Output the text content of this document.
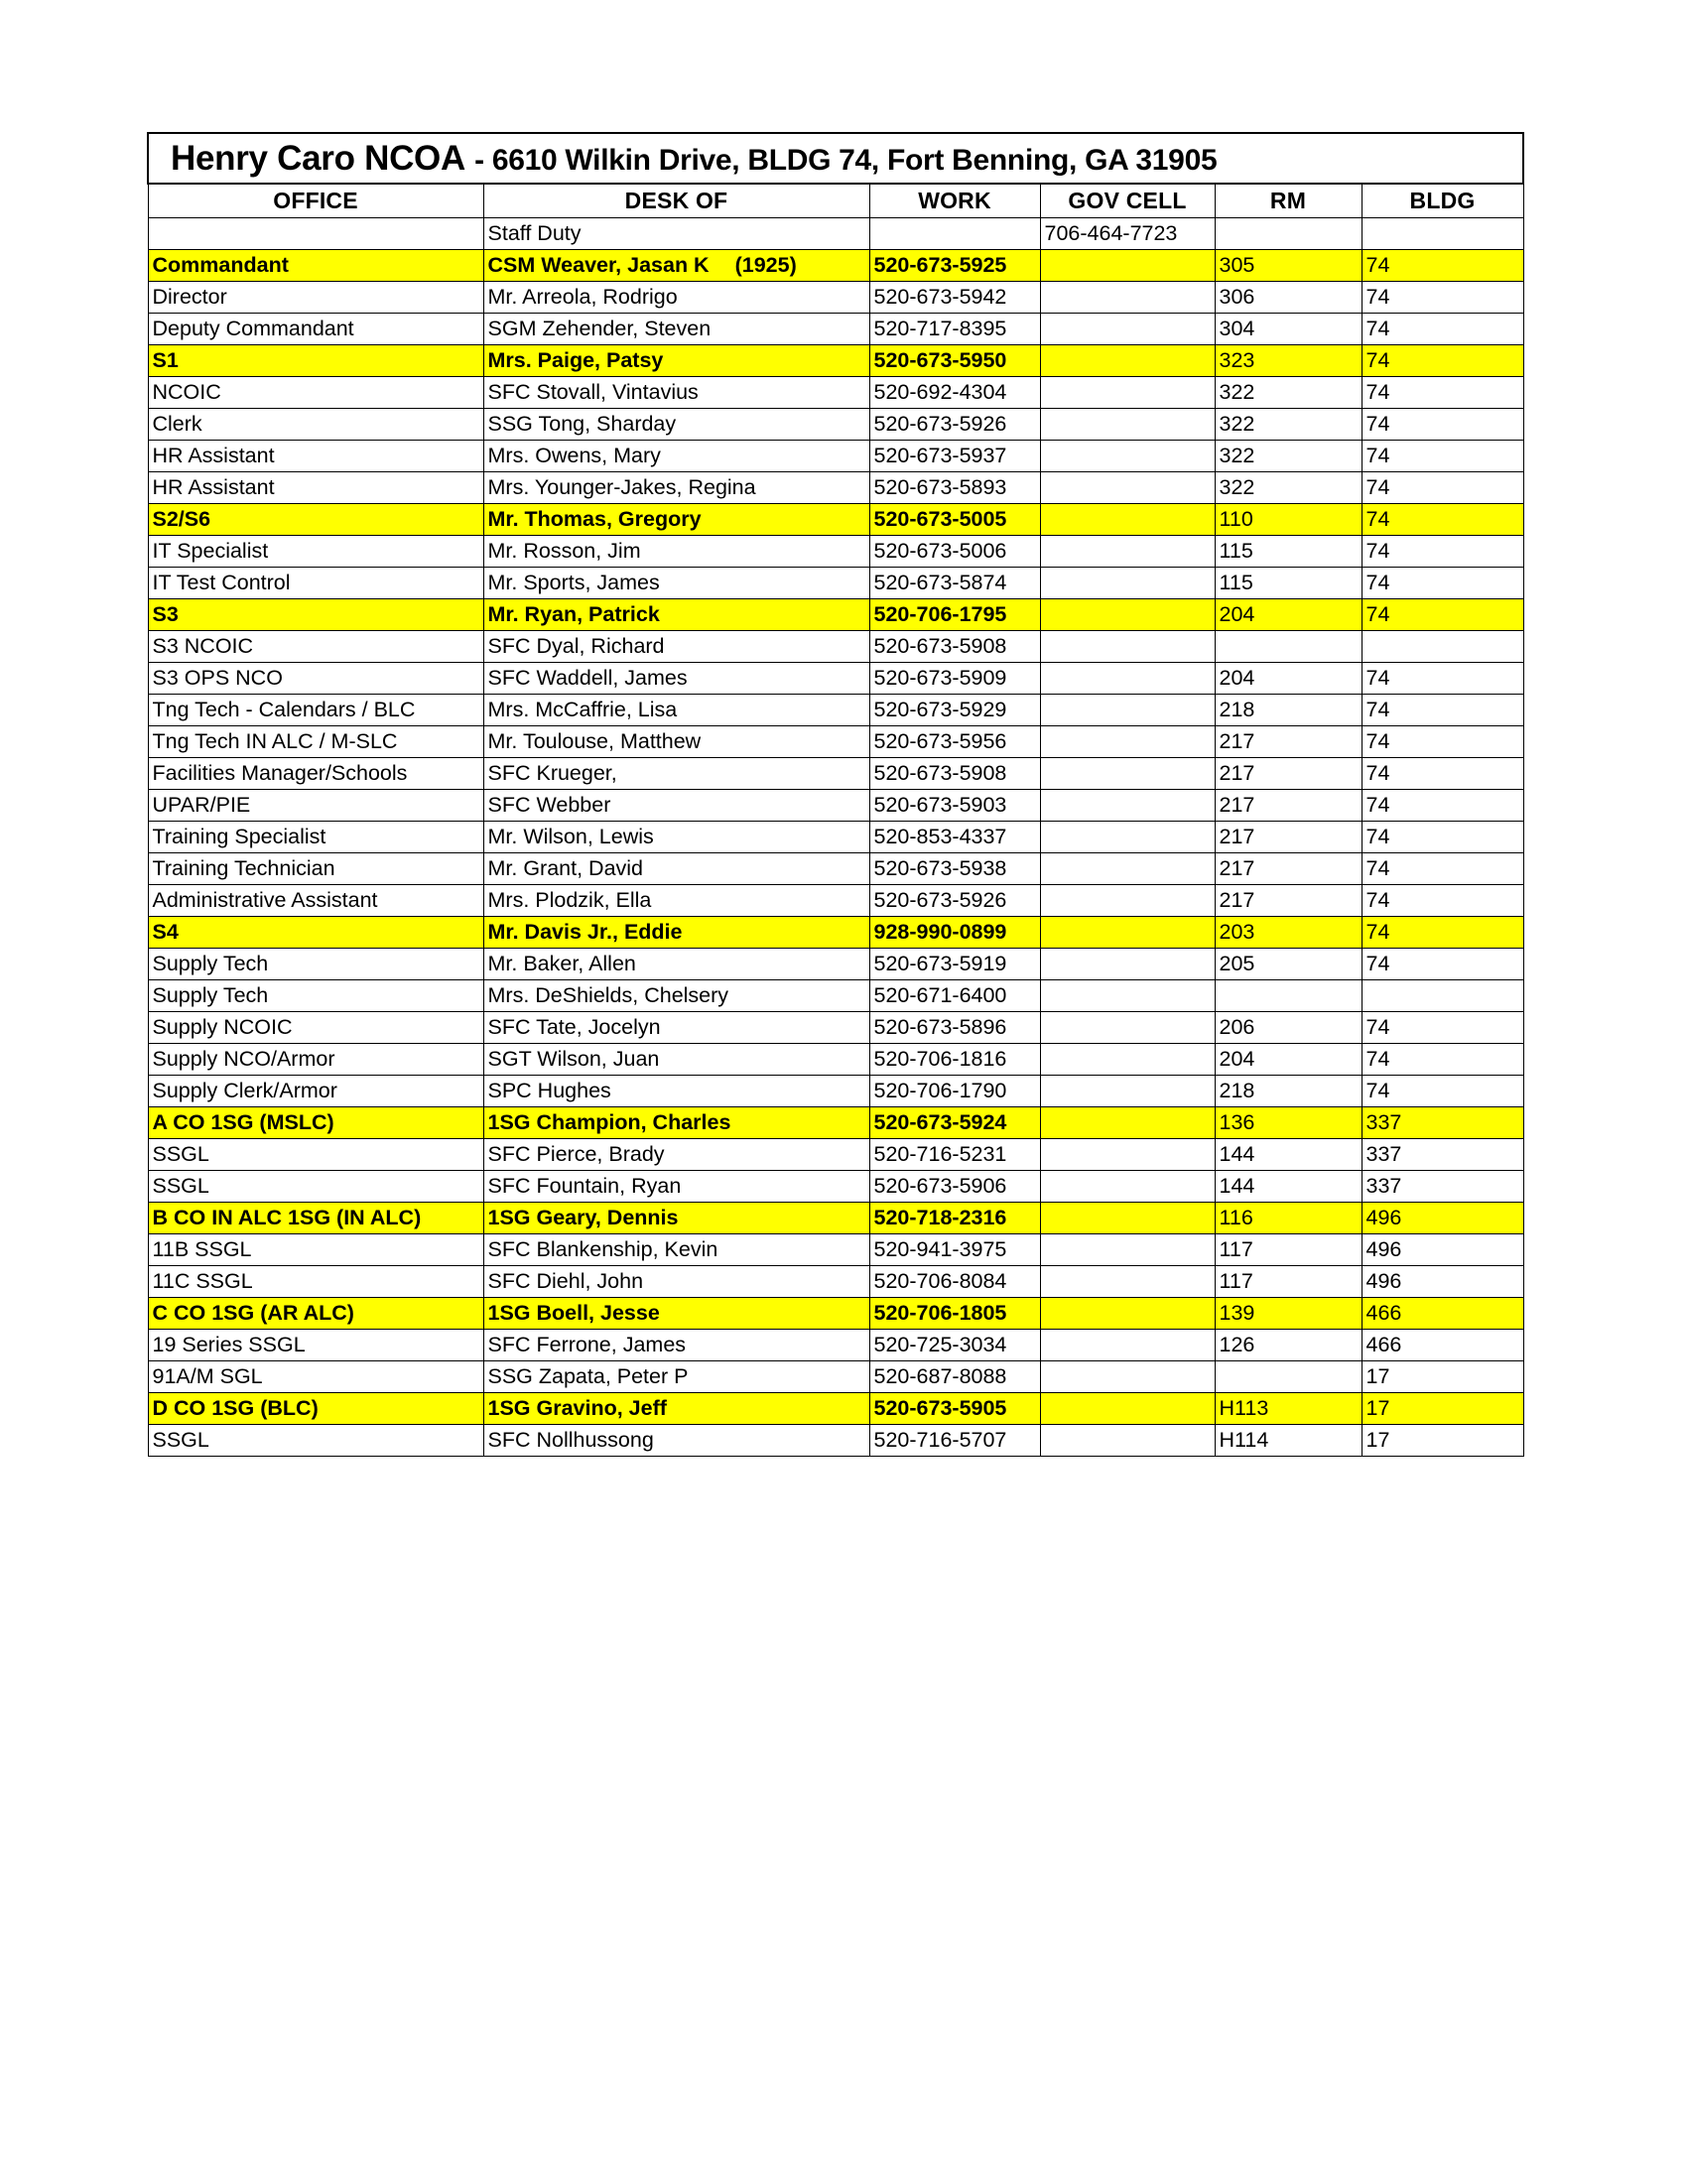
Henry Caro NCOA - 6610 Wilkin Drive, BLDG 74, Fort Benning, GA 31905					
OFFICE	DESK OF	WORK	GOV CELL	RM	BLDG
	Staff Duty		706-464-7723		
Commandant	CSM Weaver, Jasan K (1925)	520-673-5925		305	74
Director	Mr. Arreola, Rodrigo	520-673-5942		306	74
Deputy Commandant	SGM Zehender, Steven	520-717-8395		304	74
S1	Mrs. Paige, Patsy	520-673-5950		323	74
NCOIC	SFC Stovall, Vintavius	520-692-4304		322	74
Clerk	SSG Tong, Sharday	520-673-5926		322	74
HR Assistant	Mrs. Owens, Mary	520-673-5937		322	74
HR Assistant	Mrs. Younger-Jakes, Regina	520-673-5893		322	74
S2/S6	Mr. Thomas, Gregory	520-673-5005		110	74
IT Specialist	Mr. Rosson, Jim	520-673-5006		115	74
IT Test Control	Mr. Sports, James	520-673-5874		115	74
S3	Mr. Ryan, Patrick	520-706-1795		204	74
S3 NCOIC	SFC Dyal, Richard	520-673-5908			
S3 OPS NCO	SFC Waddell, James	520-673-5909		204	74
Tng Tech - Calendars / BLC	Mrs. McCaffrie, Lisa	520-673-5929		218	74
Tng Tech IN ALC / M-SLC	Mr. Toulouse, Matthew	520-673-5956		217	74
Facilities Manager/Schools	SFC Krueger,	520-673-5908		217	74
UPAR/PIE	SFC Webber	520-673-5903		217	74
Training Specialist	Mr. Wilson, Lewis	520-853-4337		217	74
Training Technician	Mr. Grant, David	520-673-5938		217	74
Administrative Assistant	Mrs. Plodzik, Ella	520-673-5926		217	74
S4	Mr. Davis Jr., Eddie	928-990-0899		203	74
Supply Tech	Mr. Baker, Allen	520-673-5919		205	74
Supply Tech	Mrs. DeShields, Chelsery	520-671-6400			
Supply NCOIC	SFC Tate, Jocelyn	520-673-5896		206	74
Supply NCO/Armor	SGT Wilson, Juan	520-706-1816		204	74
Supply Clerk/Armor	SPC Hughes	520-706-1790		218	74
A CO 1SG (MSLC)	1SG Champion, Charles	520-673-5924		136	337
SSGL	SFC Pierce, Brady	520-716-5231		144	337
SSGL	SFC Fountain, Ryan	520-673-5906		144	337
B CO IN ALC 1SG (IN ALC)	1SG Geary, Dennis	520-718-2316		116	496
11B SSGL	SFC Blankenship, Kevin	520-941-3975		117	496
11C SSGL	SFC Diehl, John	520-706-8084		117	496
C CO 1SG (AR ALC)	1SG Boell, Jesse	520-706-1805		139	466
19 Series SSGL	SFC Ferrone, James	520-725-3034		126	466
91A/M SGL	SSG Zapata, Peter P	520-687-8088			17
D CO 1SG (BLC)	1SG Gravino, Jeff	520-673-5905		H113	17
SSGL	SFC Nollhussong	520-716-5707		H114	17
